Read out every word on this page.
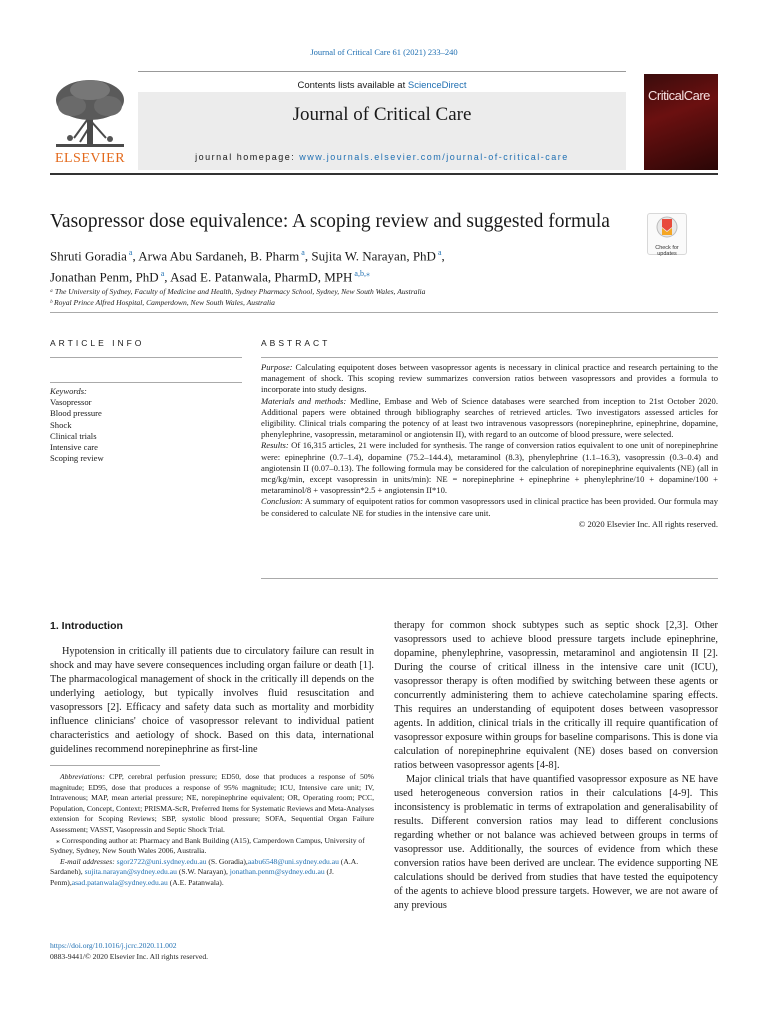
Journal of Critical Care 61 (2021) 233–240
Contents lists available at ScienceDirect
Journal of Critical Care
journal homepage: www.journals.elsevier.com/journal-of-critical-care
ELSEVIER
CriticalCare
Vasopressor dose equivalence: A scoping review and suggested formula
Check for updates
Shruti Goradia $^a$, Arwa Abu Sardaneh, B. Pharm $^a$, Sujita W. Narayan, PhD $^a$,
Jonathan Penm, PhD $^a$, Asad E. Patanwala, PharmD, MPH $^{a,b,⁎}$
ᵃ The University of Sydney, Faculty of Medicine and Health, Sydney Pharmacy School, Sydney, New South Wales, Australia
ᵇ Royal Prince Alfred Hospital, Camperdown, New South Wales, Australia
ARTICLE INFO	ABSTRACT
Keywords:
Vasopressor
Blood pressure
Shock
Clinical trials
Intensive care
Scoping review

Purpose: Calculating equipotent doses between vasopressor agents is necessary in clinical practice and research pertaining to the management of shock. This scoping review summarizes conversion ratios between vasopressors and provides a formula to incorporate into study designs.

Materials and methods: Medline, Embase and Web of Science databases were searched from inception to 21st October 2020. Additional papers were obtained through bibliography searches of retrieved articles. Two investigators assessed articles for eligibility. Clinical trials comparing the potency of at least two intravenous vasopressors (norepinephrine, epinephrine, dopamine, phenylephrine, vasopressin, metaraminol or angiotensin II), with regard to an outcome of blood pressure, were selected.

Results: Of 16,315 articles, 21 were included for synthesis. The range of conversion ratios equivalent to one unit of norepinephrine were: epinephrine (0.7–1.4), dopamine (75.2–144.4), metaraminol (8.3), phenylephrine (1.1–16.3), vasopressin (0.3–0.4) and angiotensin II (0.07–0.13). The following formula may be considered for the calculation of norepinephrine equivalents (NE) (all in mcg/kg/min, except vasopressin in units/min): NE = norepinephrine + epinephrine + phenylephrine/10 + dopamine/100 + metaraminol/8 + vasopressin*2.5 + angiotensin II*10.

Conclusion: A summary of equipotent ratios for common vasopressors used in clinical practice has been provided. Our formula may be considered to calculate NE for studies in the intensive care unit.

© 2020 Elsevier Inc. All rights reserved.

1. Introduction

Hypotension in critically ill patients due to circulatory failure can result in shock and may have severe consequences including organ failure or death [1]. The pharmacological management of shock in the critically ill depends on the underlying aetiology, but typically involves fluid resuscitation and vasopressors [2]. Efficacy and safety data such as mortality and morbidity influence clinicians' choice of vasopressor relevant to individual patient characteristics and aetiology of shock. Based on this data, international guidelines recommend norepinephrine as first-line

Abbreviations: CPP, cerebral perfusion pressure; ED50, dose that produces a response of 50% magnitude; ED95, dose that produces a response of 95% magnitude; ICU, Intensive care unit; IV, Intravenous; MAP, mean arterial pressure; NE, norepinephrine equivalent; OR, Operating room; PCC, Population, Concept, Context; PRISMA-ScR, Preferred Items for Systematic Reviews and Meta-Analyses extension for Scoping Reviews; SBP, systolic blood pressure; SOFA, Sequential Organ Failure Assessment; VASST, Vasopressin and Septic Shock Trial.

⁎ Corresponding author at: Pharmacy and Bank Building (A15), Camperdown Campus, University of Sydney, Sydney, New South Wales 2006, Australia.

E-mail addresses: sgor2722@uni.sydney.edu.au (S. Goradia),aabu6548@uni.sydney.edu.au (A.A. Sardaneh), sujita.narayan@sydney.edu.au (S.W. Narayan), jonathan.penm@sydney.edu.au (J. Penm),asad.patanwala@sydney.edu.au (A.E. Patanwala).

https://doi.org/10.1016/j.jcrc.2020.11.002
0883-9441/© 2020 Elsevier Inc. All rights reserved.

therapy for common shock subtypes such as septic shock [2,3]. Other vasopressors used to achieve blood pressure targets include epinephrine, dopamine, phenylephrine, vasopressin, metaraminol and angiotensin II [2]. During the course of critical illness in the intensive care unit (ICU), vasopressor therapy is often modified by switching between these agents or concurrently administering them to achieve catecholamine sparing effects. This requires an understanding of equipotent doses between vasopressor agents. In addition, clinical trials in the critically ill require quantification of vasopressor exposure within groups for baseline comparisons. This is done via calculation of norepinephrine equivalent (NE) doses based on conversion ratios between vasopressor agents [4-8].

Major clinical trials that have quantified vasopressor exposure as NE have used heterogeneous conversion ratios in their calculations [4-9]. This inconsistency is problematic in terms of extrapolation and generalisability of results. Different conversion ratios may lead to different conclusions regarding whether or not balance was achieved between groups in terms of vasopressor use. Additionally, the sources of evidence from which these conversion ratios have been derived are unclear. The evidence supporting NE calculations should be derived from studies that have tested the equipotency of the agents to achieve blood pressure targets. However, we are not aware of any previous
